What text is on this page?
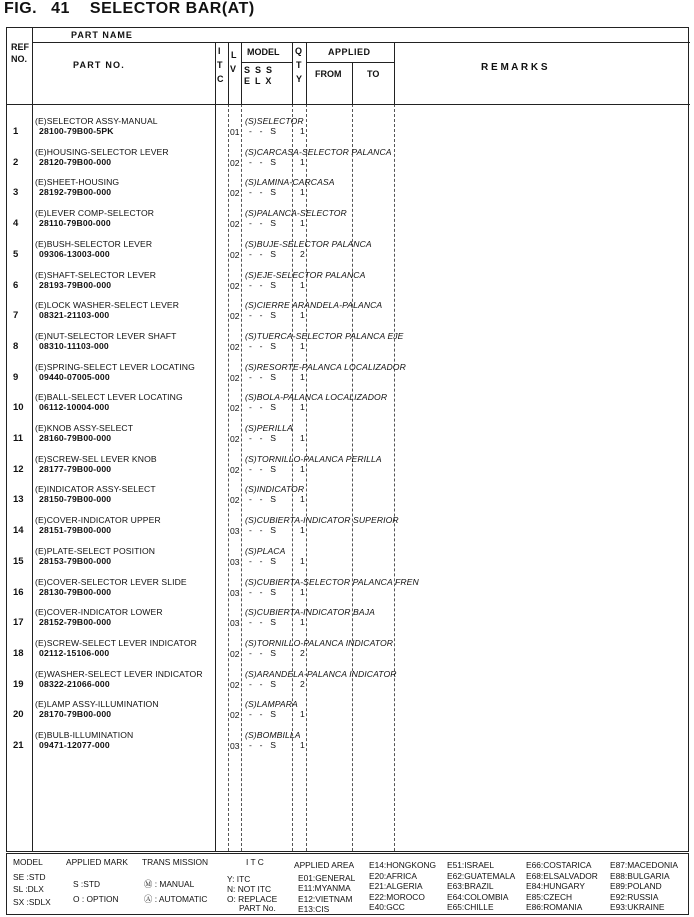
FIG. 41 SELECTOR BAR(AT)
REF
NO.
PART NAME
PART NO.
I
T
C
L
V
MODEL
S  S  S
E  L  X
Q
T
Y
APPLIED
FROM	TO
R E M A R K S
1
(E)SELECTOR ASSY-MANUAL
28100-79B00-5PK
(S)SELECTOR
01 -  -  S	1
2
(E)HOUSING-SELECTOR LEVER
28120-79B00-000
(S)CARCASA-SELECTOR PALANCA
02 -  -  S	1
3
(E)SHEET-HOUSING
28192-79B00-000
(S)LAMINA-CARCASA
02 -  -  S	1
4
(E)LEVER COMP-SELECTOR
28110-79B00-000
(S)PALANCA-SELECTOR
02 -  -  S	1
5
(E)BUSH-SELECTOR LEVER
09306-13003-000
(S)BUJE-SELECTOR PALANCA
02 -  -  S	2
6
(E)SHAFT-SELECTOR LEVER
28193-79B00-000
(S)EJE-SELECTOR PALANCA
02 -  -  S	1
7
(E)LOCK WASHER-SELECT LEVER
08321-21103-000
(S)CIERRE ARANDELA-PALANCA
02 -  -  S	1
8
(E)NUT-SELECTOR LEVER SHAFT
08310-11103-000
(S)TUERCA-SELECTOR PALANCA EJE
02 -  -  S	1
9
(E)SPRING-SELECT LEVER LOCATING
09440-07005-000
(S)RESORTE-PALANCA LOCALIZADOR
02 -  -  S	1
10
(E)BALL-SELECT LEVER LOCATING
06112-10004-000
(S)BOLA-PALANCA LOCALIZADOR
02 -  -  S	1
11
(E)KNOB ASSY-SELECT
28160-79B00-000
(S)PERILLA
02 -  -  S	1
12
(E)SCREW-SEL LEVER KNOB
28177-79B00-000
(S)TORNILLO-PALANCA PERILLA
02 -  -  S	1
13
(E)INDICATOR ASSY-SELECT
28150-79B00-000
(S)INDICATOR
02 -  -  S	1
14
(E)COVER-INDICATOR UPPER
28151-79B00-000
(S)CUBIERTA-INDICATOR SUPERIOR
03 -  -  S	1
15
(E)PLATE-SELECT POSITION
28153-79B00-000
(S)PLACA
03 -  -  S	1
16
(E)COVER-SELECTOR LEVER SLIDE
28130-79B00-000
(S)CUBIERTA-SELECTOR PALANCA FREN
03 -  -  S	1
17
(E)COVER-INDICATOR LOWER
28152-79B00-000
(S)CUBIERTA-INDICATOR BAJA
03 -  -  S	1
18
(E)SCREW-SELECT LEVER INDICATOR
02112-15106-000
(S)TORNILLO-PALANCA INDICATOR
02 -  -  S	2
19
(E)WASHER-SELECT LEVER INDICATOR
08322-21066-000
(S)ARANDELA-PALANCA INDICATOR
02 -  -  S	2
20
(E)LAMP ASSY-ILLUMINATION
28170-79B00-000
(S)LAMPARA
02 -  -  S	1
21
(E)BULB-ILLUMINATION
09471-12077-000
(S)BOMBILLA
03 -  -  S	1
MODEL
SE :STD
SL :DLX
SX :SDLX
APPLIED MARK
S :STD
O : OPTION
TRANS MISSION
Ⓜ : MANUAL
Ⓐ : AUTOMATIC
I T C
Y: ITC
N: NOT ITC
O: REPLACE
PART No.
APPLIED AREA
E01:GENERAL
E11:MYANMA
E12:VIETNAM
E13:CIS
E14:HONGKONG
E20:AFRICA
E21:ALGERIA
E22:MOROCO
E40:GCC
E51:ISRAEL
E62:GUATEMALA
E63:BRAZIL
E64:COLOMBIA
E65:CHILLE
E66:COSTARICA
E68:ELSALVADOR
E84:HUNGARY
E85:CZECH
E86:ROMANIA
E87:MACEDONIA
E88:BULGARIA
E89:POLAND
E92:RUSSIA
E93:UKRAINE
